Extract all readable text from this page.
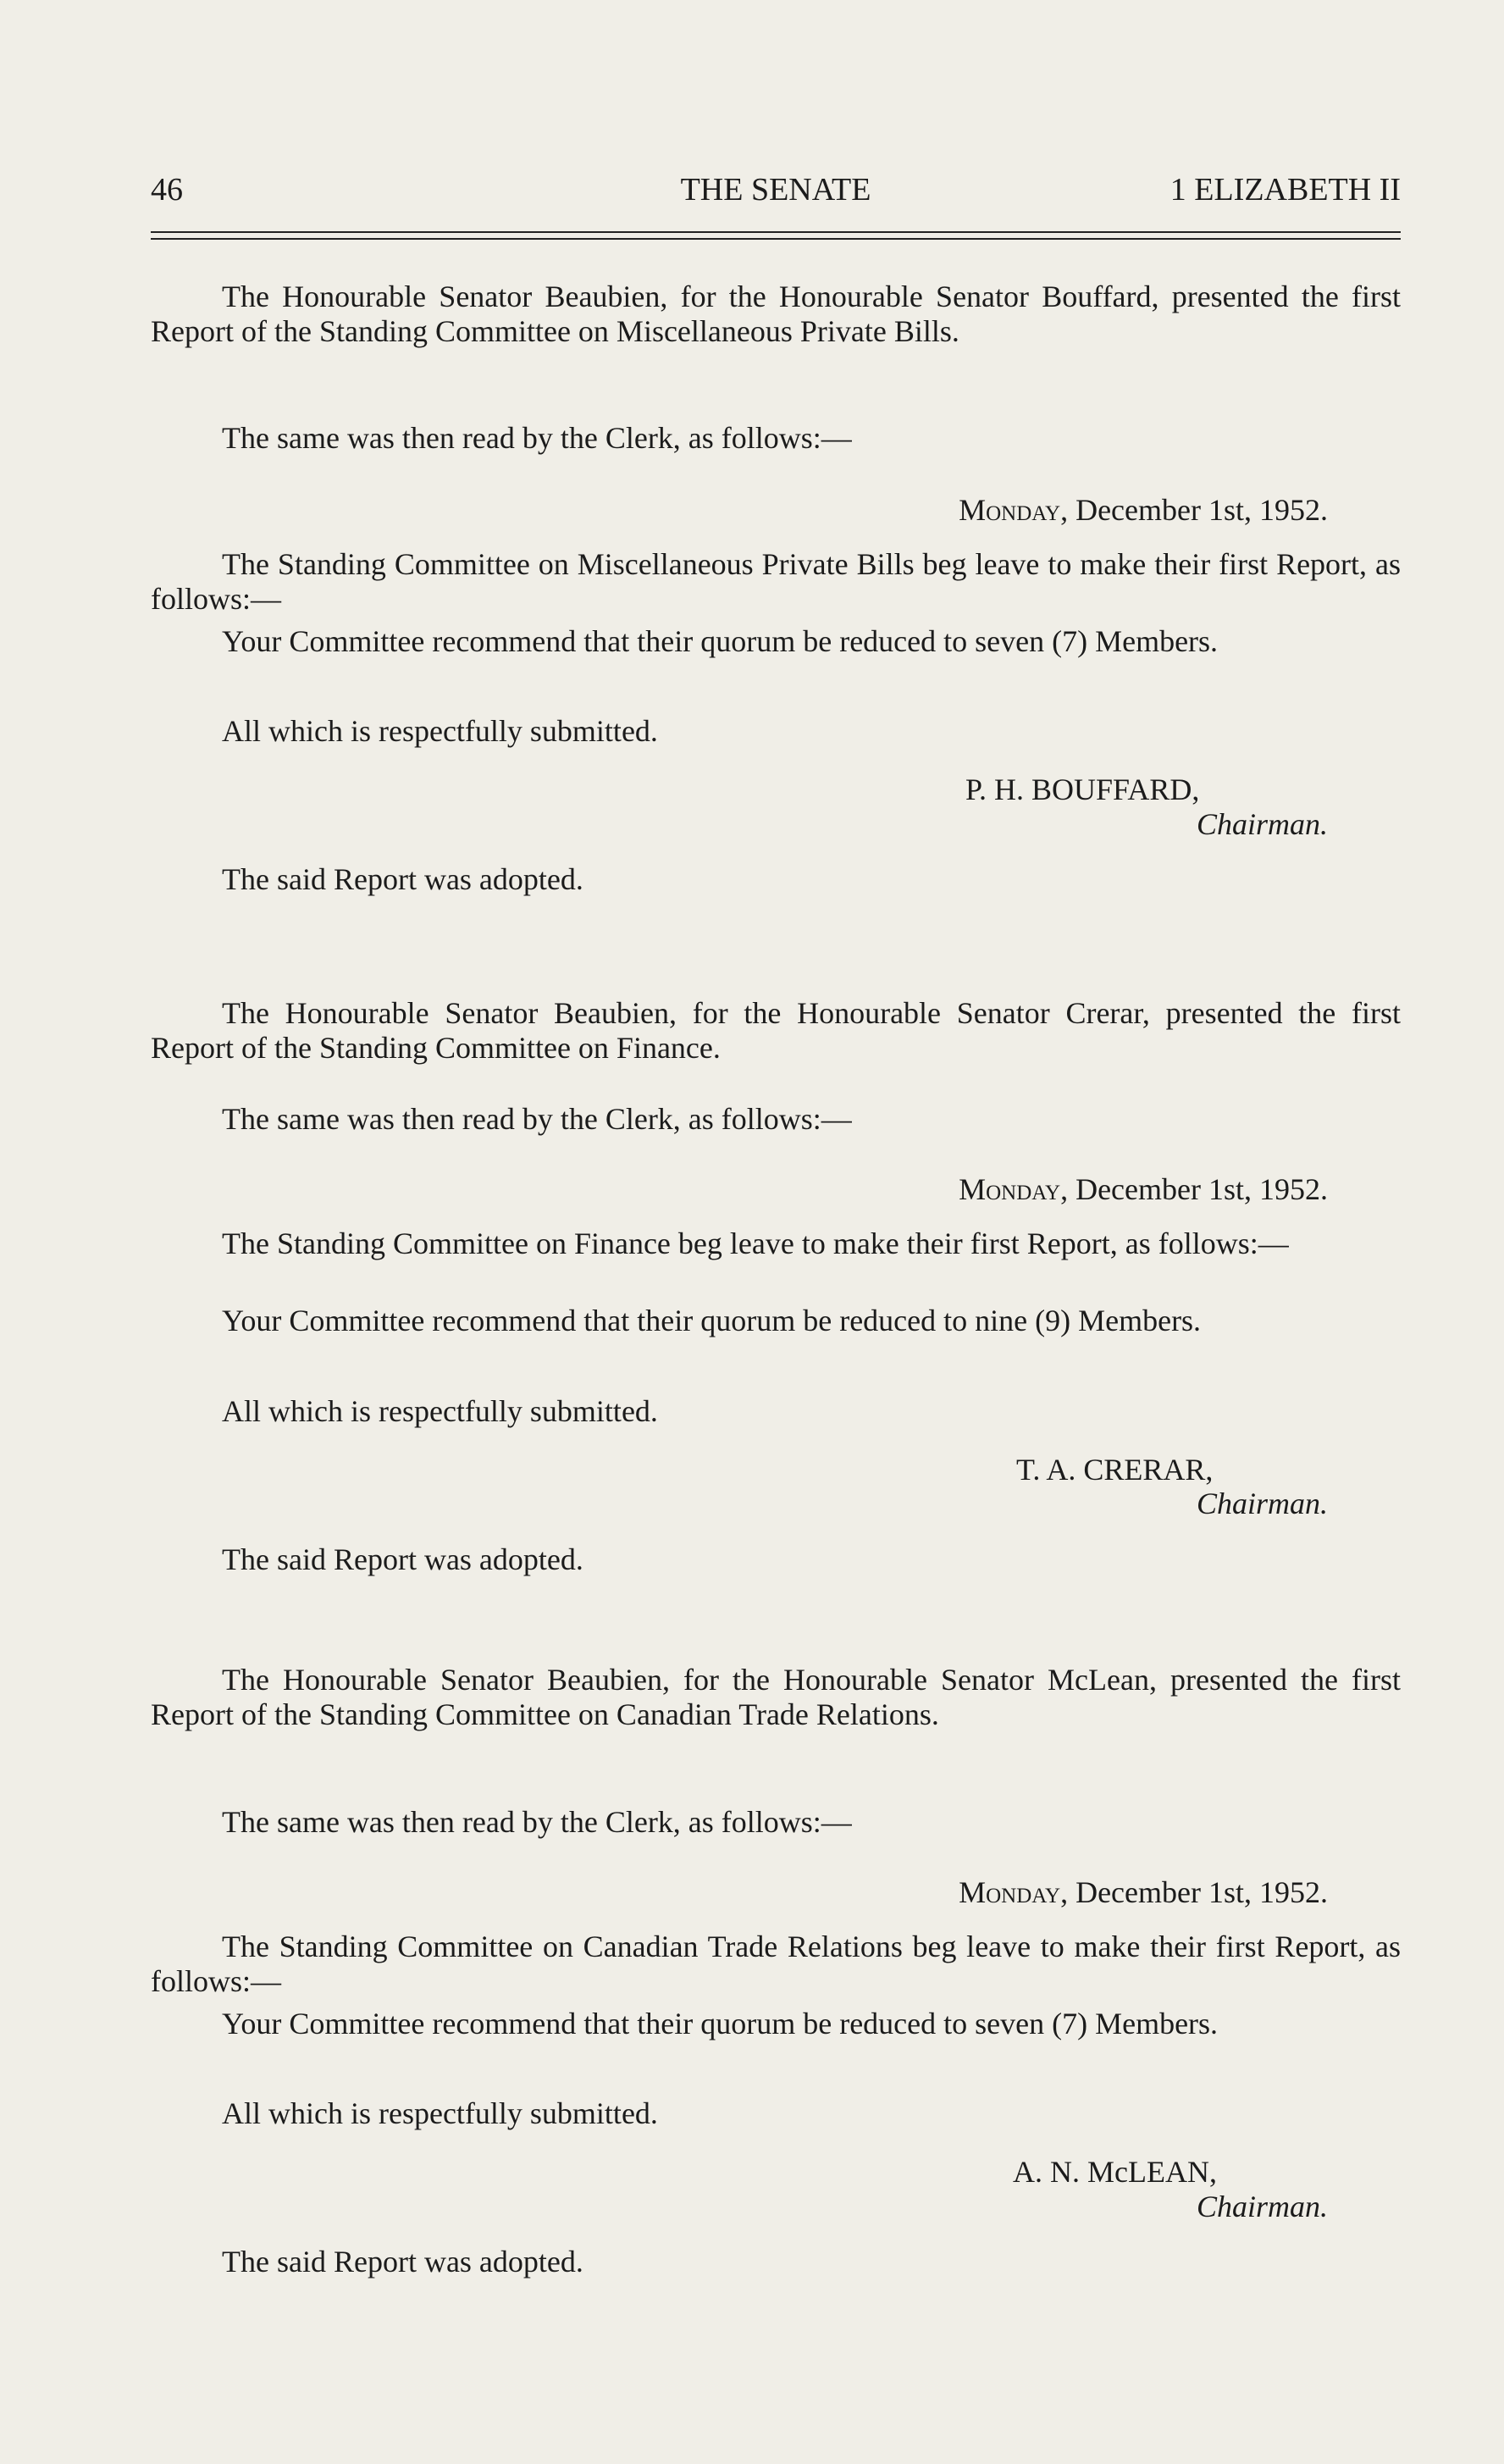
46	THE SENATE	1 ELIZABETH II

The Honourable Senator Beaubien, for the Honourable Senator Bouffard, presented the first Report of the Standing Committee on Miscellaneous Private Bills.

The same was then read by the Clerk, as follows:—

Monday, December 1st, 1952.

The Standing Committee on Miscellaneous Private Bills beg leave to make their first Report, as follows:—

Your Committee recommend that their quorum be reduced to seven (7) Members.

All which is respectfully submitted.

P. H. BOUFFARD,
Chairman.

The said Report was adopted.

The Honourable Senator Beaubien, for the Honourable Senator Crerar, presented the first Report of the Standing Committee on Finance.

The same was then read by the Clerk, as follows:—

Monday, December 1st, 1952.

The Standing Committee on Finance beg leave to make their first Report, as follows:—

Your Committee recommend that their quorum be reduced to nine (9) Members.

All which is respectfully submitted.

T. A. CRERAR,
Chairman.

The said Report was adopted.

The Honourable Senator Beaubien, for the Honourable Senator McLean, presented the first Report of the Standing Committee on Canadian Trade Relations.

The same was then read by the Clerk, as follows:—

Monday, December 1st, 1952.

The Standing Committee on Canadian Trade Relations beg leave to make their first Report, as follows:—

Your Committee recommend that their quorum be reduced to seven (7) Members.

All which is respectfully submitted.

A. N. McLEAN,
Chairman.

The said Report was adopted.
